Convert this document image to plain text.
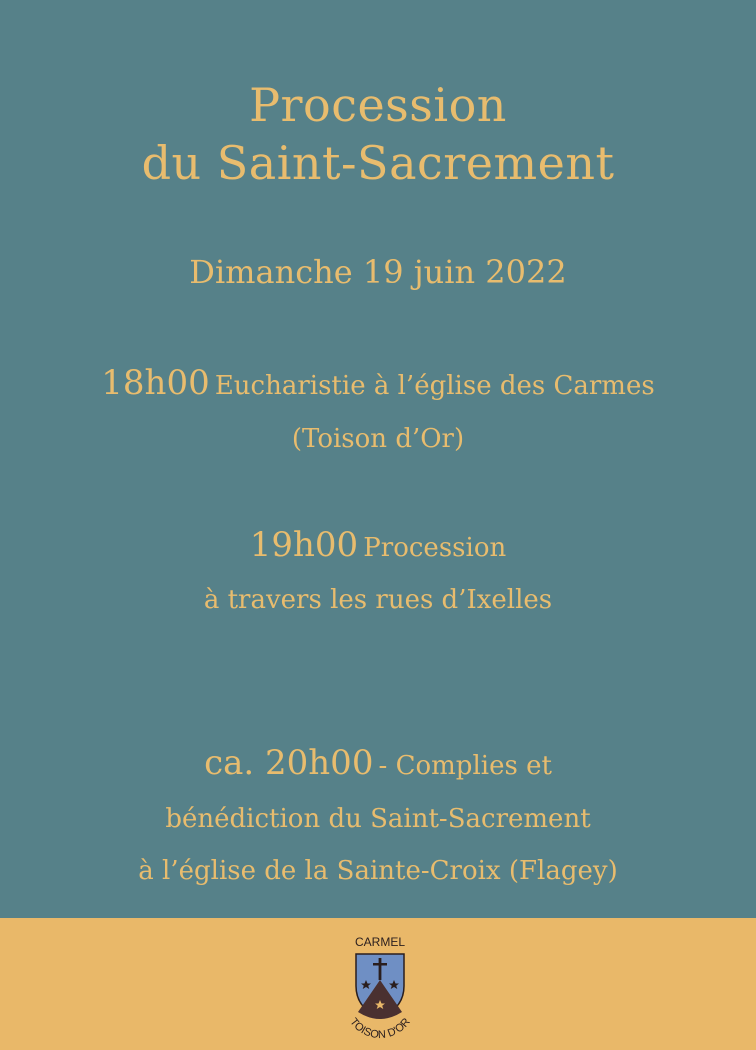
Procession
du Saint-Sacrement
Dimanche 19 juin 2022
18h00 Eucharistie à l’église des Carmes
(Toison d’Or)
19h00 Procession
à travers les rues d’Ixelles
ca. 20h00 - Complies et
bénédiction du Saint-Sacrement
à l’église de la Sainte-Croix (Flagey)
CARMEL
TOISON D'OR
